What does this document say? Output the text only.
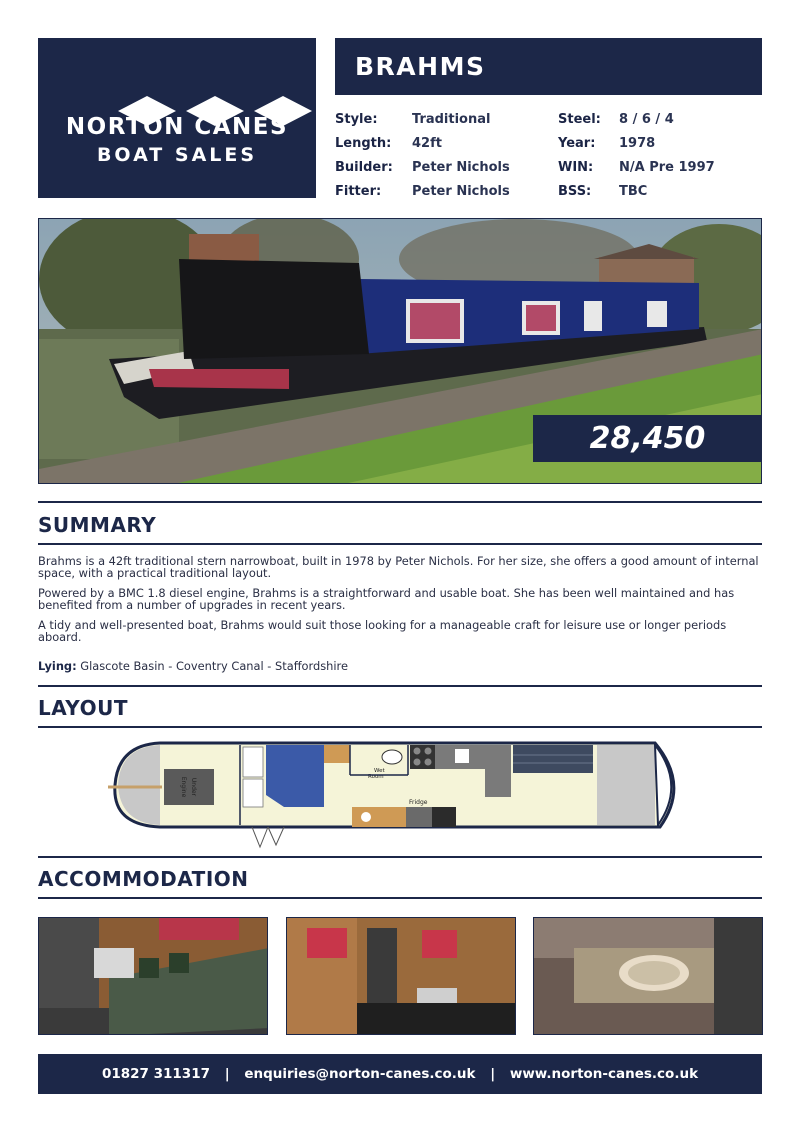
NORTON CANES
BOAT SALES
BRAHMS
Style:	Traditional
Length: 42ft
Builder: Peter Nichols
Fitter: Peter Nichols
Steel: 8 / 6 / 4
Year: 1978
WIN: N/A Pre 1997
BSS: TBC
28,450
SUMMARY
Brahms is a 42ft traditional stern narrowboat, built in 1978 by Peter Nichols. For her size, she offers a good amount of internal space, with a practical traditional layout.
Powered by a BMC 1.8 diesel engine, Brahms is a straightforward and usable boat. She has been well maintained and has benefited from a number of upgrades in recent years.
A tidy and well-presented boat, Brahms would suit those looking for a manageable craft for leisure use or longer periods aboard.
Lying: Glascote Basin - Coventry Canal - Staffordshire
LAYOUT
Engine Under
Wet
Room
Fridge
ACCOMMODATION
01827 311317 | enquiries@norton-canes.co.uk | www.norton-canes.co.uk
